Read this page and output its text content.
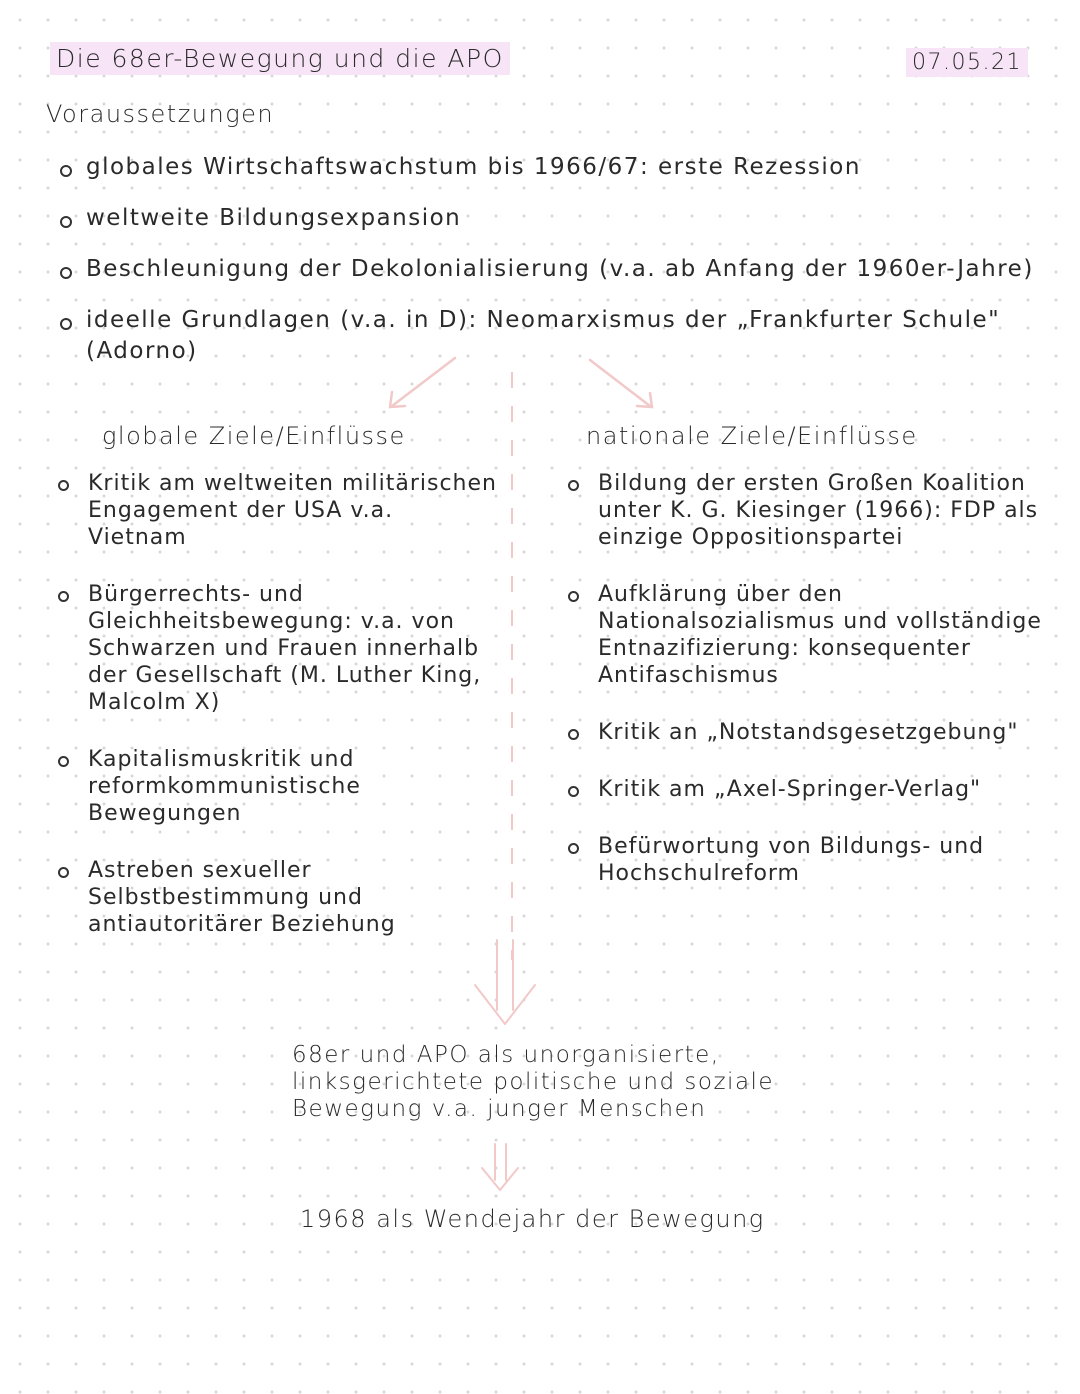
Die 68er-Bewegung und die APO	07.05.21
Voraussetzungen
globales Wirtschaftswachstum bis 1966/67: erste Rezession
weltweite Bildungsexpansion
Beschleunigung der Dekolonialisierung (v.a. ab Anfang der 1960er-Jahre)
ideelle Grundlagen (v.a. in D): Neomarxismus der „Frankfurter Schule" (Adorno)
globale Ziele/Einflüsse
Kritik am weltweiten militärischen Engagement der USA v.a. Vietnam
Bürgerrechts- und Gleichheitsbewegung: v.a. von Schwarzen und Frauen innerhalb der Gesellschaft (M. Luther King, Malcolm X)
Kapitalismuskritik und reformkommunistische Bewegungen
Astreben sexueller Selbstbestimmung und antiautoritärer Beziehung
nationale Ziele/Einflüsse
Bildung der ersten Großen Koalition unter K. G. Kiesinger (1966): FDP als einzige Oppositionspartei
Aufklärung über den Nationalsozialismus und vollständige Entnazifizierung: konsequenter Antifaschismus
Kritik an „Notstandsgesetzgebung"
Kritik am „Axel-Springer-Verlag"
Befürwortung von Bildungs- und Hochschulreform
68er und APO als unorganisierte, linksgerichtete politische und soziale Bewegung v.a. junger Menschen
1968 als Wendejahr der Bewegung
